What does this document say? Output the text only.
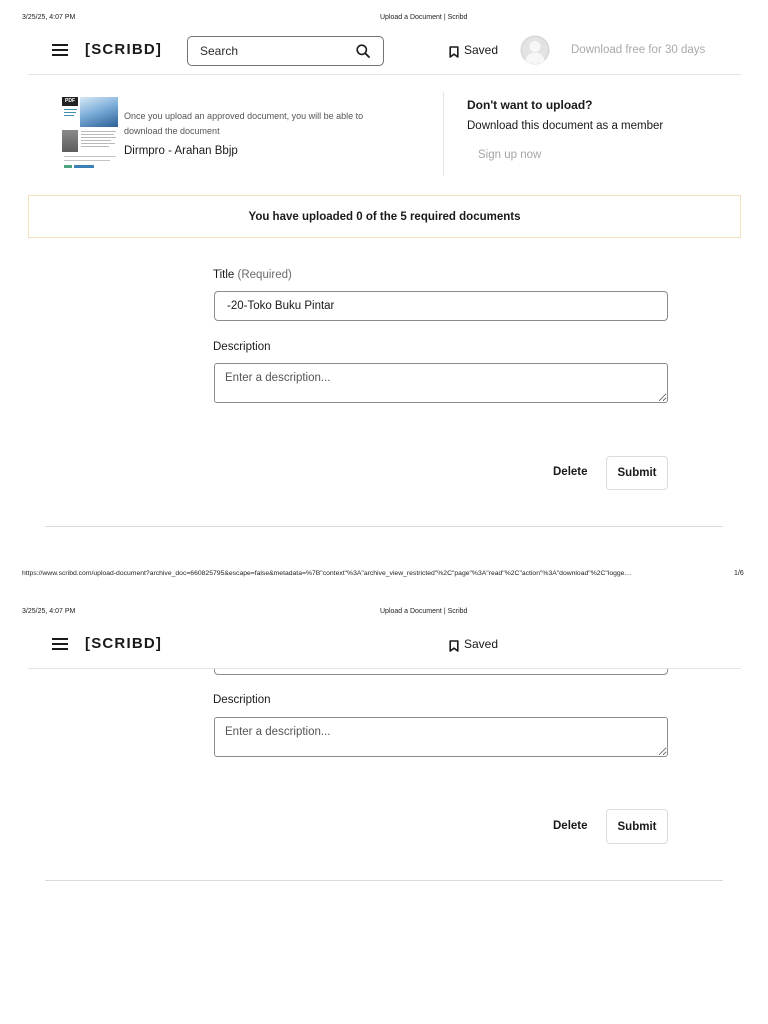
3/25/25, 4:07 PM	Upload a Document | Scribd
[SCRIBD]
Search	Saved	Download free for 30 days
PDF
Once you upload an approved document, you will be able to download the document
Dirmpro - Arahan Bbjp
Don't want to upload?
Download this document as a member
Sign up now
You have uploaded 0 of the 5 required documents
Title (Required)
-20-Toko Buku Pintar
Description
Enter a description...
Delete	Submit
https://www.scribd.com/upload-document?archive_doc=660825795&escape=false&metadata=%7B"context"%3A"archive_view_restricted"%2C"page"%3A"read"%2C"action"%3A"download"%2C"logge…	1/6
3/25/25, 4:07 PM	Upload a Document | Scribd
[SCRIBD]	Saved
Description
Enter a description...
Delete	Submit
